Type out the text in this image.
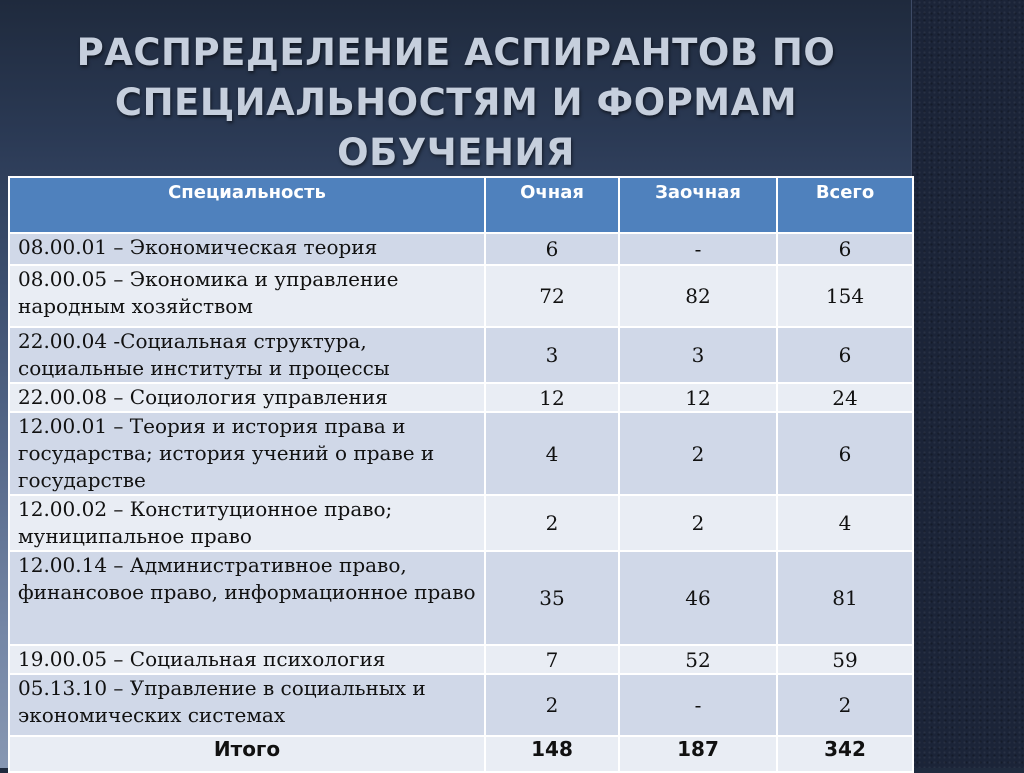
РАСПРЕДЕЛЕНИЕ АСПИРАНТОВ ПО
СПЕЦИАЛЬНОСТЯМ И ФОРМАМ ОБУЧЕНИЯ
Специальность	Очная	Заочная	Всего
08.00.01 – Экономическая теория	6	-	6
08.00.05 – Экономика и управление народным хозяйством	72	82	154
22.00.04 -Социальная структура, социальные институты и процессы	3	3	6
22.00.08 – Социология управления	12	12	24
12.00.01 – Теория и история права и государства; история учений о праве и государстве	4	2	6
12.00.02 – Конституционное право; муниципальное право	2	2	4
12.00.14 – Административное право, финансовое право, информационное право	35	46	81
19.00.05 – Социальная психология	7	52	59
05.13.10 – Управление в социальных и экономических системах	2	-	2
Итого	148	187	342
